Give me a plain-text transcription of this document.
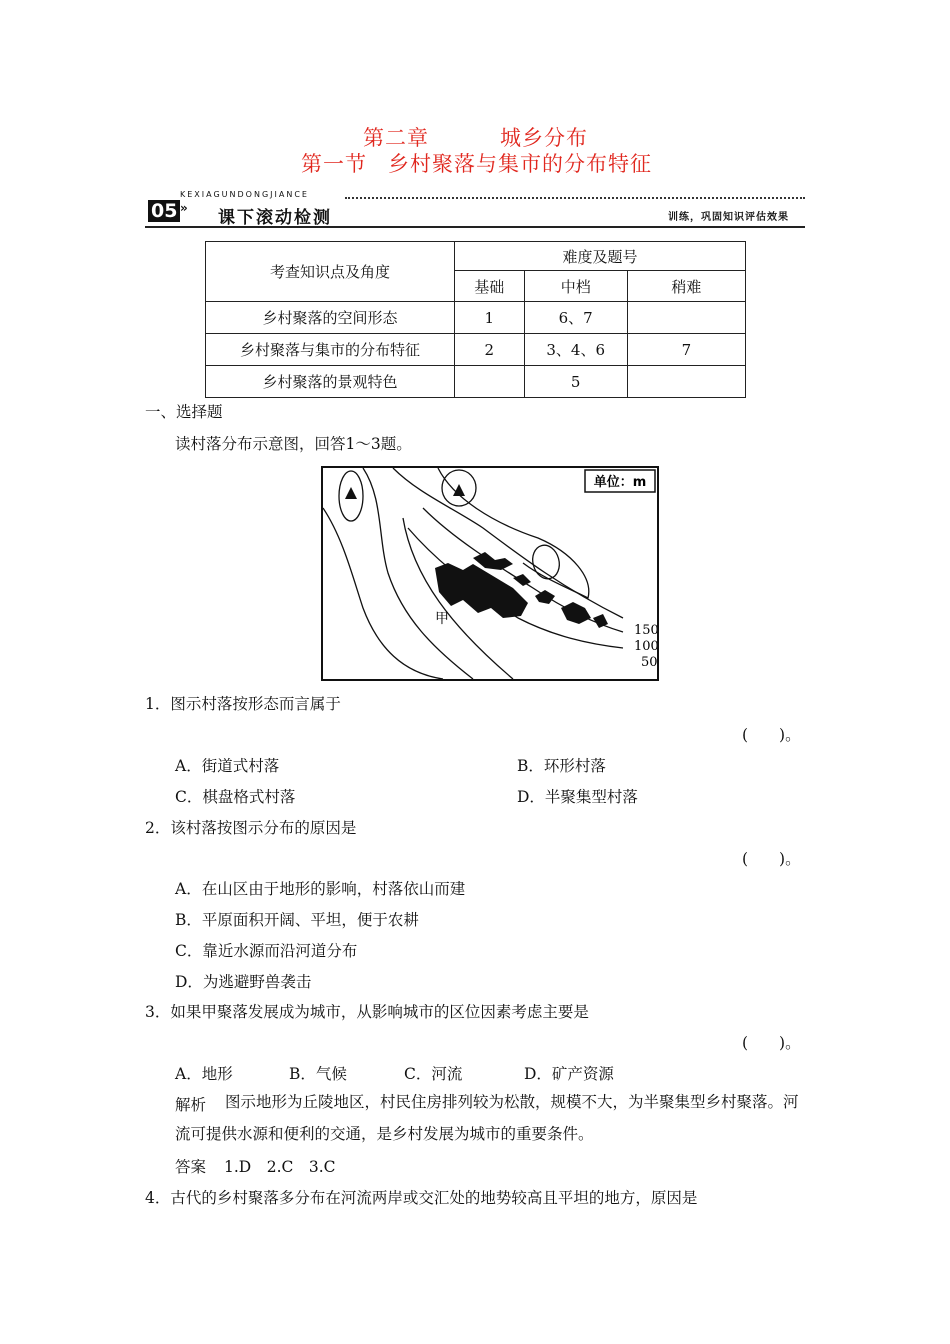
第二章	城乡分布
第一节 乡村聚落与集市的分布特征
KEXIAGUNDONGJIANCE
05 » 课下滚动检测	训练，巩固知识评估效果
考查知识点及角度	难度及题号		
	基础	中档	稍难
乡村聚落的空间形态	1	6、7	
乡村聚落与集市的分布特征	2	3、4、6	7
乡村聚落的景观特色		5	
一、选择题
读村落分布示意图，回答1～3题。
单位：m
150
100
50
甲
1．图示村落按形态而言属于
(　　)。
A．街道式村落	B．环形村落
C．棋盘格式村落	D．半聚集型村落
2．该村落按图示分布的原因是
(　　)。
A．在山区由于地形的影响，村落依山而建
B．平原面积开阔、平坦，便于农耕
C．靠近水源而沿河道分布
D．为逃避野兽袭击
3．如果甲聚落发展成为城市，从影响城市的区位因素考虑主要是
(　　)。
A．地形	B．气候	C．河流	D．矿产资源
解析	图示地形为丘陵地区，村民住房排列较为松散，规模不大，为半聚集型乡村聚落。河流可提供水源和便利的交通，是乡村发展为城市的重要条件。
答案 1.D　2.C　3.C
4．古代的乡村聚落多分布在河流两岸或交汇处的地势较高且平坦的地方，原因是
